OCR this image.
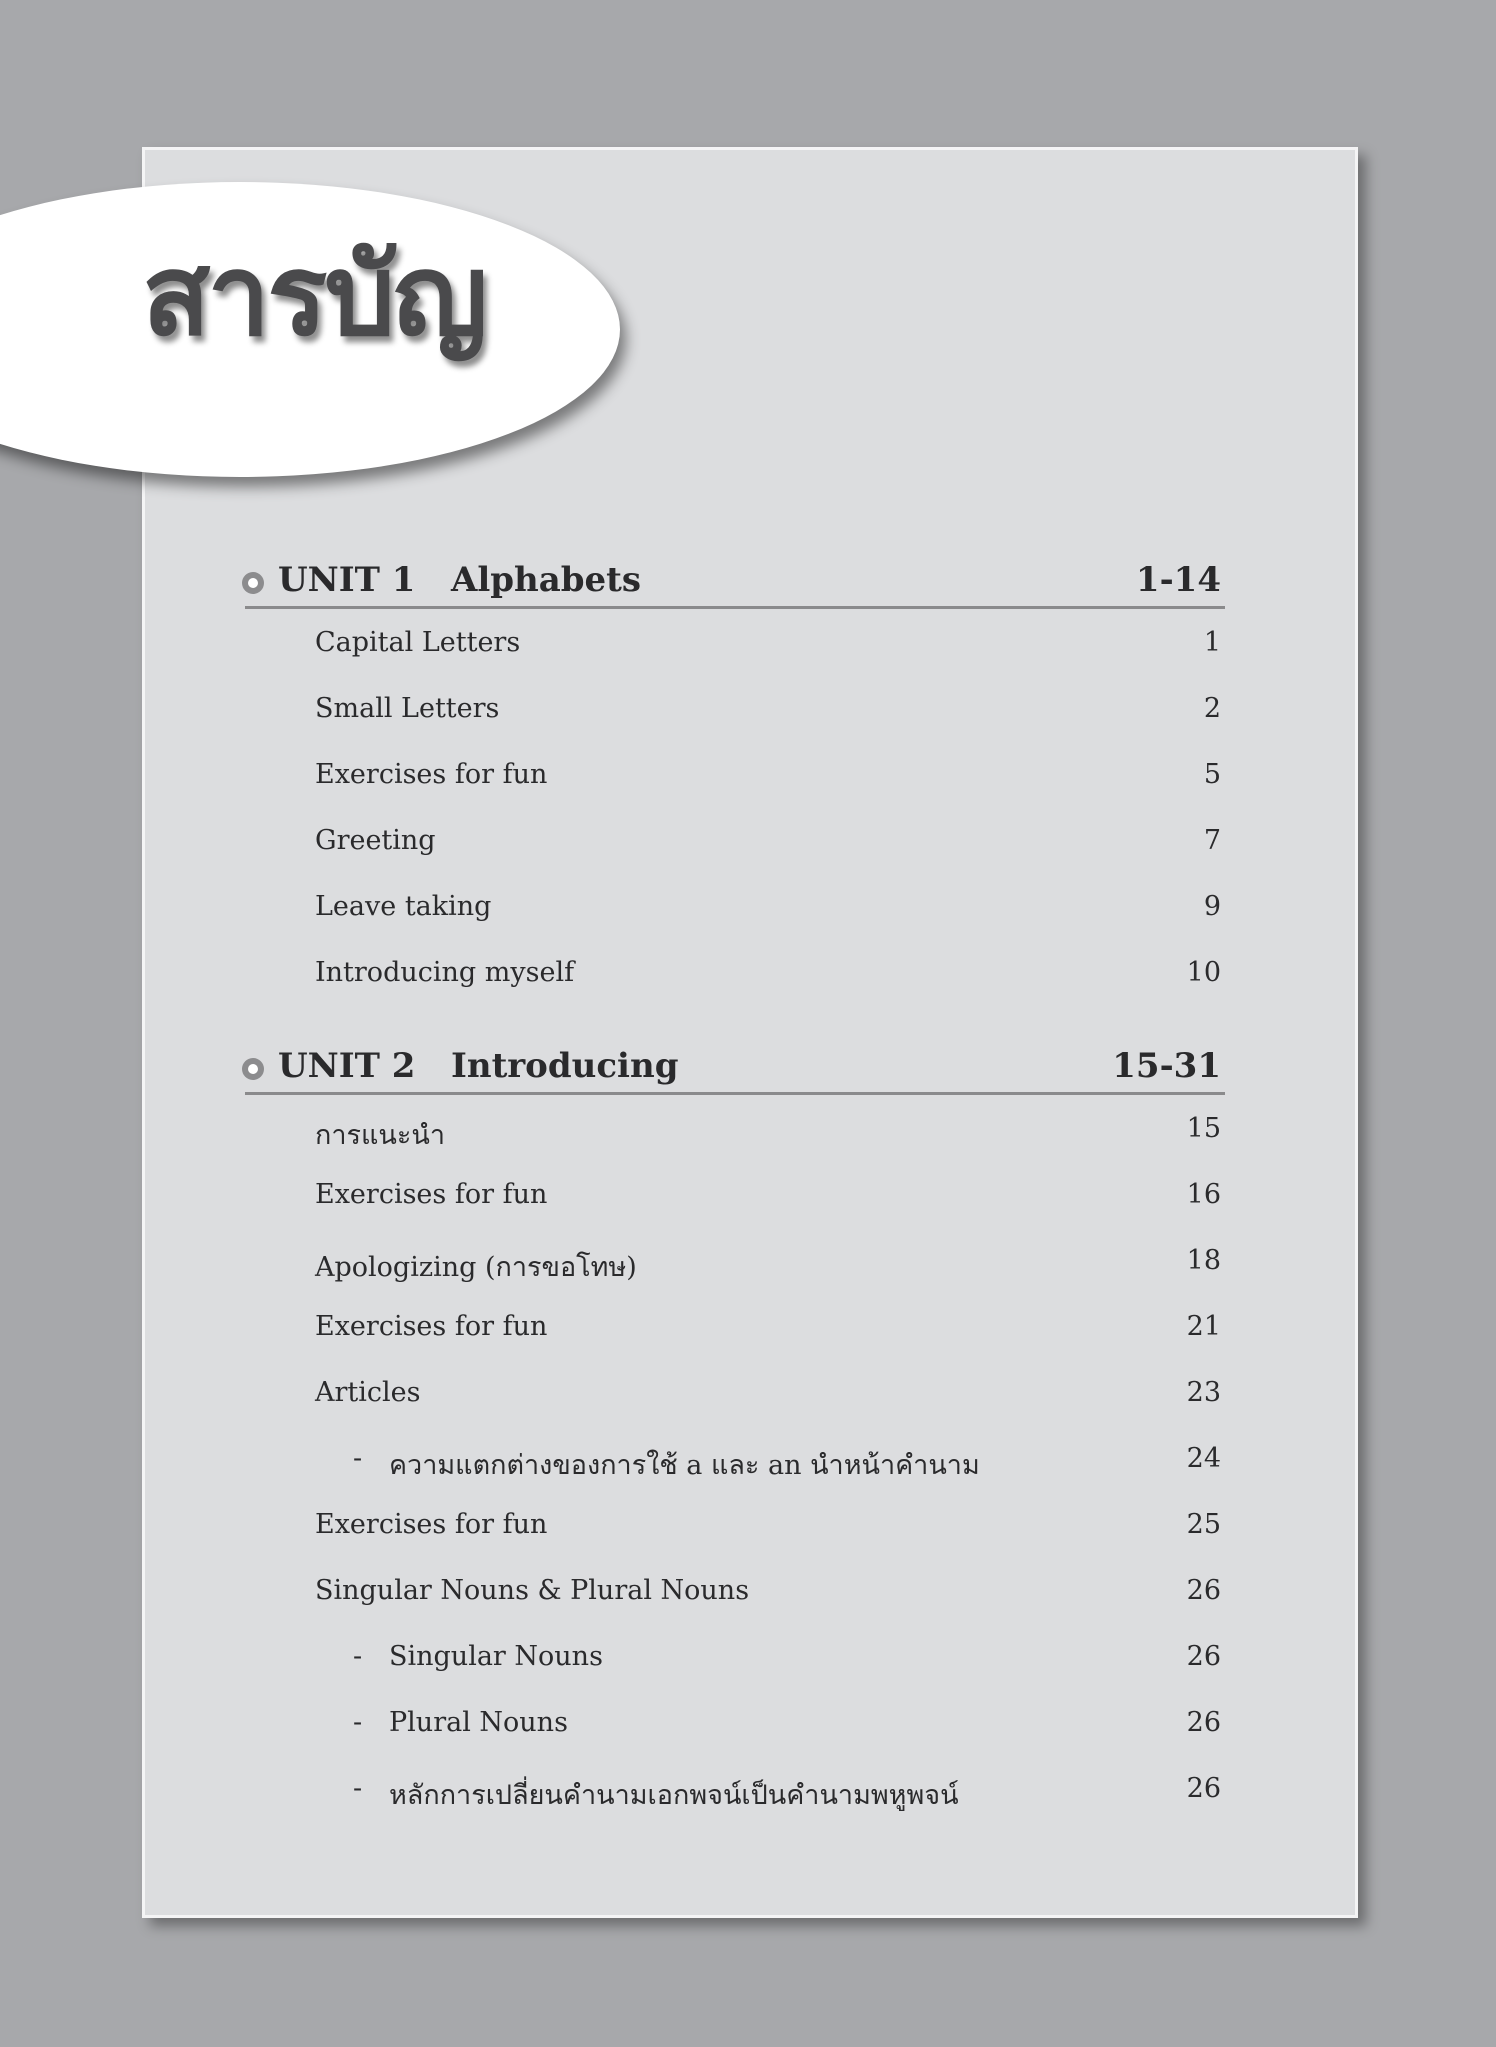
สารบัญ
UNIT 1   Alphabets	1-14
Capital Letters	1
Small Letters	2
Exercises for fun	5
Greeting	7
Leave taking	9
Introducing myself	10
UNIT 2   Introducing	15-31
การแนะนำ	15
Exercises for fun	16
Apologizing (การขอโทษ)	18
Exercises for fun	21
Articles	23
- ความแตกต่างของการใช้ a และ an นำหน้าคำนาม	24
Exercises for fun	25
Singular Nouns & Plural Nouns	26
- Singular Nouns	26
- Plural Nouns	26
- หลักการเปลี่ยนคำนามเอกพจน์เป็นคำนามพหูพจน์	26
